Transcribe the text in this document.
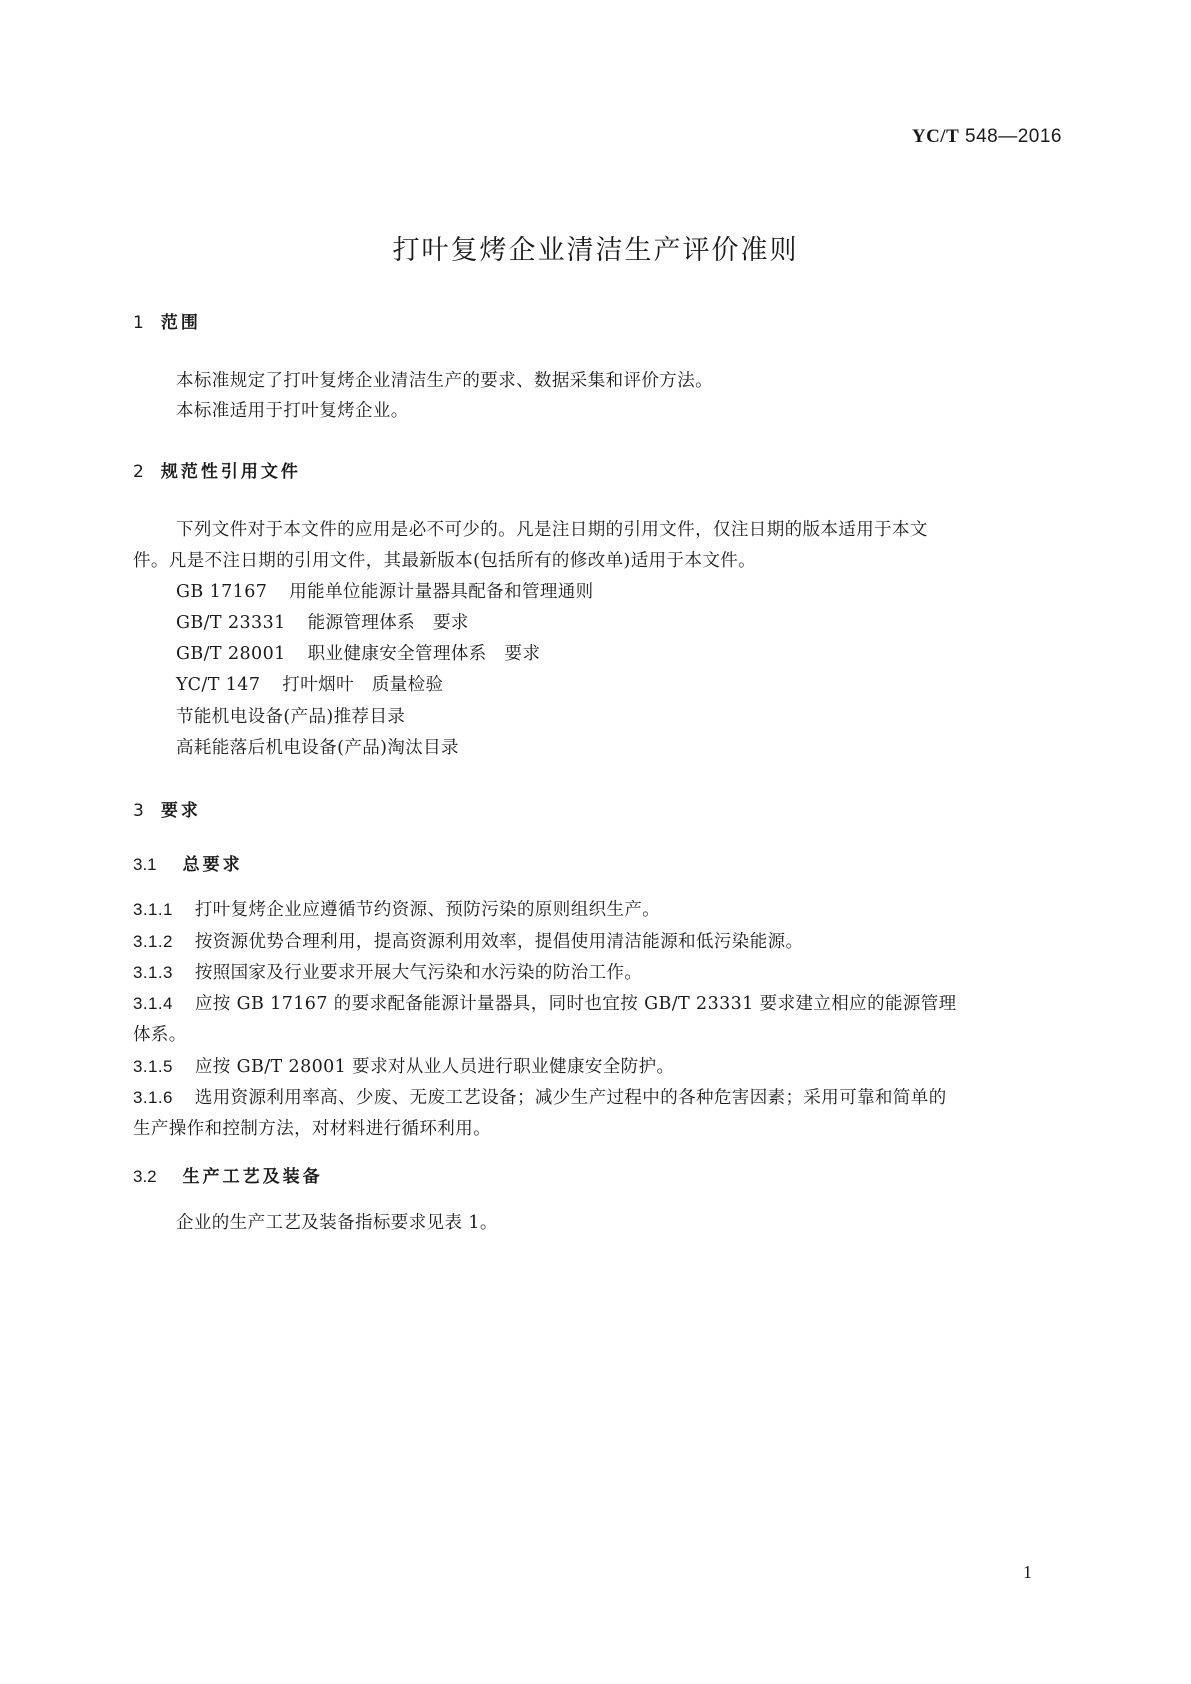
YC/T 548—2016
打叶复烤企业清洁生产评价准则
1 范围
本标准规定了打叶复烤企业清洁生产的要求、数据采集和评价方法。
本标准适用于打叶复烤企业。
2 规范性引用文件
下列文件对于本文件的应用是必不可少的。凡是注日期的引用文件，仅注日期的版本适用于本文
件。凡是不注日期的引用文件，其最新版本(包括所有的修改单)适用于本文件。
GB 17167 用能单位能源计量器具配备和管理通则
GB/T 23331 能源管理体系　要求
GB/T 28001 职业健康安全管理体系　要求
YC/T 147 打叶烟叶　质量检验
节能机电设备(产品)推荐目录
高耗能落后机电设备(产品)淘汰目录
3 要求
3.1 总要求
3.1.1 打叶复烤企业应遵循节约资源、预防污染的原则组织生产。
3.1.2 按资源优势合理利用，提高资源利用效率，提倡使用清洁能源和低污染能源。
3.1.3 按照国家及行业要求开展大气污染和水污染的防治工作。
3.1.4 应按 GB 17167 的要求配备能源计量器具，同时也宜按 GB/T 23331 要求建立相应的能源管理
体系。
3.1.5 应按 GB/T 28001 要求对从业人员进行职业健康安全防护。
3.1.6 选用资源利用率高、少废、无废工艺设备；减少生产过程中的各种危害因素；采用可靠和简单的
生产操作和控制方法，对材料进行循环利用。
3.2 生产工艺及装备
企业的生产工艺及装备指标要求见表 1。
1
